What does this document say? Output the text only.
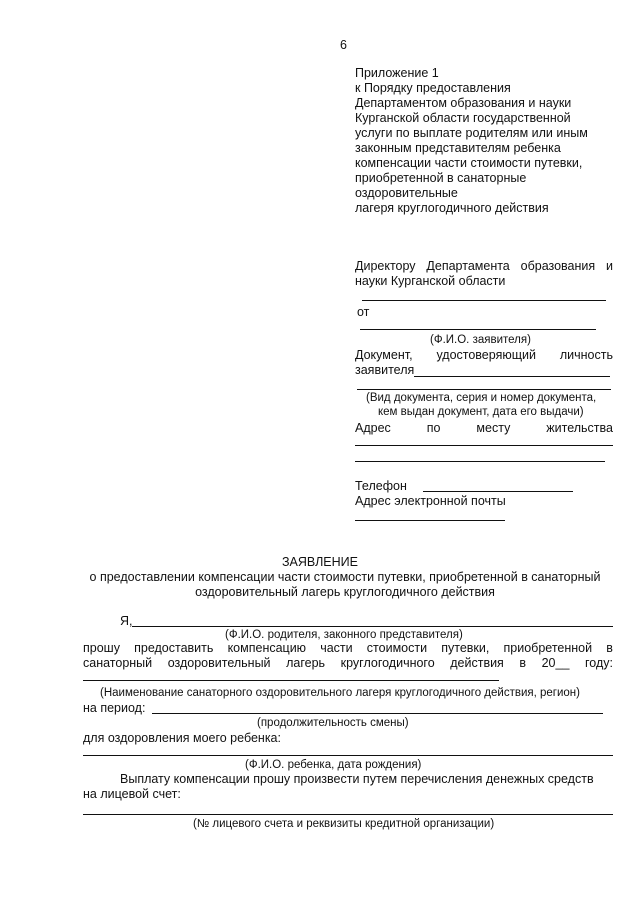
6
Приложение 1
к Порядку предоставления
Департаментом образования и науки
Курганской области государственной
услуги по выплате родителям или иным
законным представителям ребенка
компенсации части стоимости путевки,
приобретенной в санаторные
оздоровительные
лагеря круглогодичного действия
Директору Департамента образования и
науки Курганской области
от
(Ф.И.О. заявителя)
Документ, удостоверяющий личность
заявителя
(Вид документа, серия и номер документа,
кем выдан документ, дата его выдачи)
Адрес	по	месту	жительства
Телефон
Адрес электронной почты
ЗАЯВЛЕНИЕ
о предоставлении компенсации части стоимости путевки, приобретенной в санаторный
оздоровительный лагерь круглогодичного действия
Я,
(Ф.И.О. родителя, законного представителя)
прошу предоставить компенсацию части стоимости путевки, приобретенной в
санаторный оздоровительный лагерь круглогодичного действия в 20__ году:
(Наименование санаторного оздоровительного лагеря круглогодичного действия, регион)
на период:
(продолжительность смены)
для оздоровления моего ребенка:
(Ф.И.О. ребенка, дата рождения)
Выплату компенсации прошу произвести путем перечисления денежных средств
на лицевой счет:
(№ лицевого счета и реквизиты кредитной организации)
